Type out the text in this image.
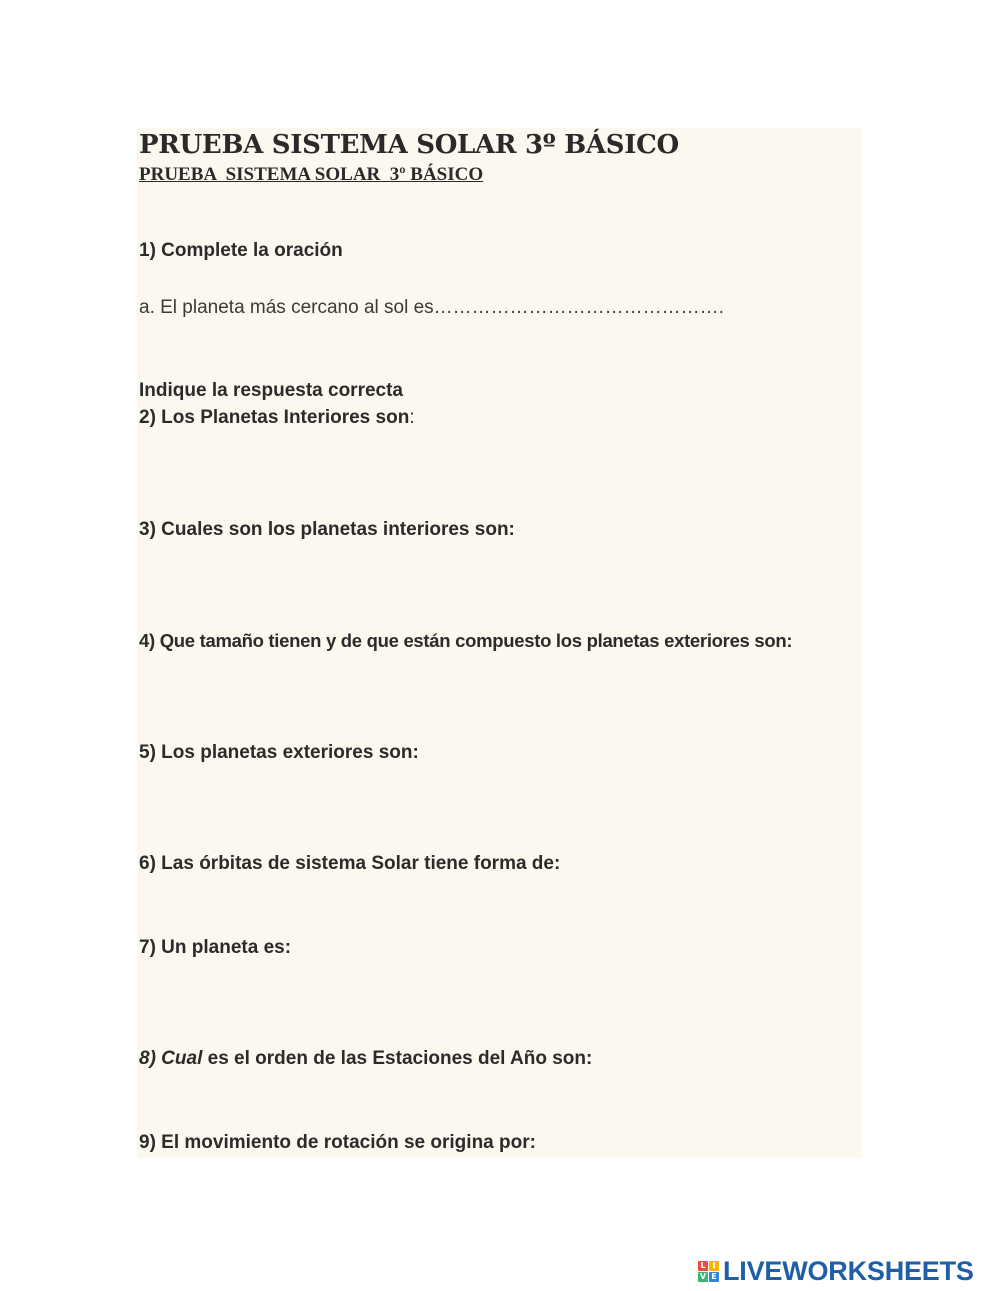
PRUEBA SISTEMA SOLAR 3º BÁSICO
PRUEBA  SISTEMA SOLAR  3º BÁSICO
1) Complete la oración
a. El planeta más cercano al sol es……………………………………….
Indique la respuesta correcta
2) Los Planetas Interiores son:
3) Cuales son los planetas interiores son:
4) Que tamaño tienen y de que están compuesto los planetas exteriores son:
5) Los planetas exteriores son:
6) Las órbitas de sistema Solar tiene forma de:
7) Un planeta es:
8) Cual es el orden de las Estaciones del Año son:
9) El movimiento de rotación se origina por:
L I
V E LIVEWORKSHEETS
